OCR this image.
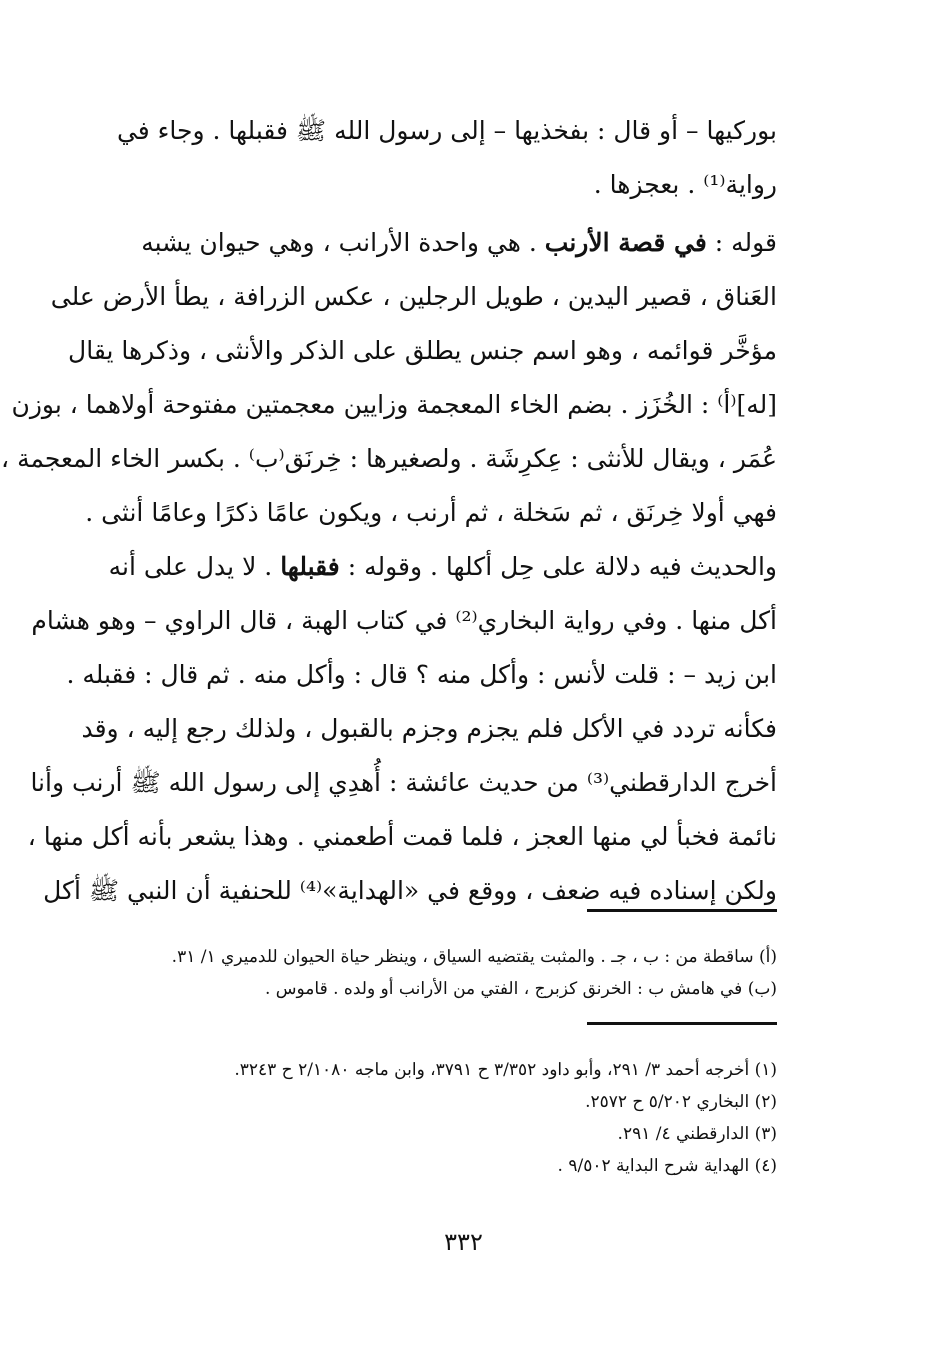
بوركيها – أو قال : بفخذيها – إلى رسول الله ﷺ فقبلها . وجاء في
رواية⁽¹⁾ . بعجزها .

قوله : في قصة الأرنب . هي واحدة الأرانب ، وهي حيوان يشبه
العَناق ، قصير اليدين ، طويل الرجلين ، عكس الزرافة ، يطأ الأرض على
مؤخَّر قوائمه ، وهو اسم جنس يطلق على الذكر والأنثى ، وذكرها يقال
[له]⁽أ⁾ : الخُزَز . بضم الخاء المعجمة وزايين معجمتين مفتوحة أولاهما ، بوزن
عُمَر ، ويقال للأنثى : عِكرِشَة . ولصغيرها : خِرنَق⁽ب⁾ . بكسر الخاء المعجمة ،
فهي أولا خِرنَق ، ثم سَخلة ، ثم أرنب ، ويكون عامًا ذكرًا وعامًا أنثى .

والحديث فيه دلالة على حِل أكلها . وقوله : فقبلها . لا يدل على أنه
أكل منها . وفي رواية البخاري⁽²⁾ في كتاب الهبة ، قال الراوي – وهو هشام
ابن زيد – : قلت لأنس : وأكل منه ؟ قال : وأكل منه . ثم قال : فقبله .
فكأنه تردد في الأكل فلم يجزم وجزم بالقبول ، ولذلك رجع إليه ، وقد
أخرج الدارقطني⁽³⁾ من حديث عائشة : أُهدِي إلى رسول الله ﷺ أرنب وأنا
نائمة فخبأ لي منها العجز ، فلما قمت أطعمني . وهذا يشعر بأنه أكل منها ،
ولكن إسناده فيه ضعف ، ووقع في «الهداية»⁽⁴⁾ للحنفية أن النبي ﷺ أكل

(أ) ساقطة من : ب ، جـ . والمثبت يقتضيه السياق ، وينظر حياة الحيوان للدميري ١/ ٣١.
(ب) في هامش ب : الخرنق كزبرج ، الفتي من الأرانب أو ولده . قاموس .
(١) أخرجه أحمد ٣/ ٢٩١، وأبو داود ٣/٣٥٢ ح ٣٧٩١، وابن ماجه ٢/١٠٨٠ ح ٣٢٤٣.
(٢) البخاري ٥/٢٠٢ ح ٢٥٧٢.
(٣) الدارقطني ٤/ ٢٩١.
(٤) الهداية شرح البداية ٩/٥٠٢ .
٣٣٢
